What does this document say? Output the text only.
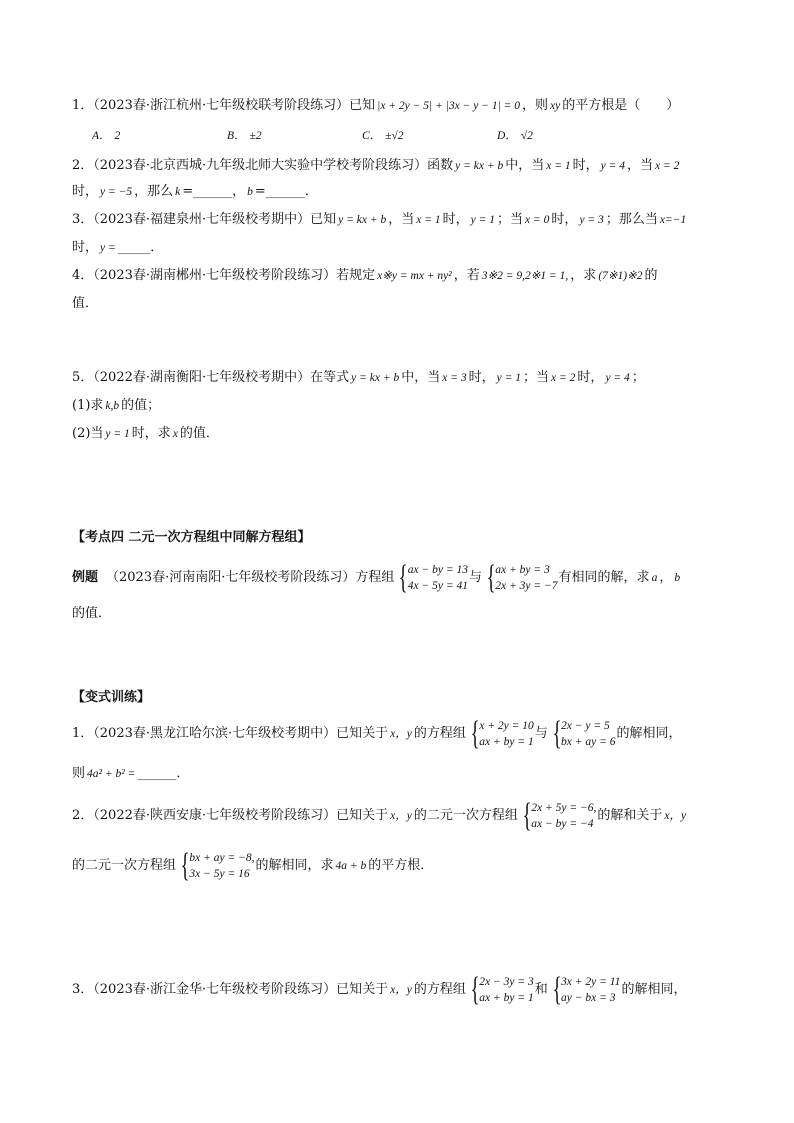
1．（2023春·浙江杭州·七年级校联考阶段练习）已知 |x + 2y − 5| + |3x − y − 1| = 0 ，则 xy 的平方根是（　　）
A． 2	B． ±2	C． ±√2	D． √2
2．（2023春·北京西城·九年级北师大实验中学校考阶段练习）函数 y = kx + b 中，当 x = 1 时， y = 4 ，当 x = 2
时， y = −5 ，那么 k =______， b =______．
3．（2023春·福建泉州·七年级校考期中）已知 y = kx + b ，当 x = 1 时， y = 1 ；当 x = 0 时， y = 3 ；那么当 x=−1
时， y = _____．
4．（2023春·湖南郴州·七年级校考阶段练习）若规定 x※y = mx + ny² ，若 3※2 = 9,2※1 = 1, ，求 (7※1)※2 的
值．
5．（2022春·湖南衡阳·七年级校考期中）在等式 y = kx + b 中，当 x = 3 时， y = 1 ；当 x = 2 时， y = 4 ；
(1)求 k,b 的值；
(2)当 y = 1 时，求 x 的值．
【考点四 二元一次方程组中同解方程组】
例题 （2023春·河南南阳·七年级校考阶段练习）方程组 { ax − by = 13
4x − 5y = 41
与 { ax + by = 3
2x + 3y = −7
有相同的解，求 a ， b
的值．
【变式训练】
1．（2023春·黑龙江哈尔滨·七年级校考期中）已知关于 x，y 的方程组 { x + 2y = 10
ax + by = 1
与 { 2x − y = 5
bx + ay = 6
的解相同，
则 4a² + b² = ______．
2．（2022春·陕西安康·七年级校考阶段练习）已知关于 x，y 的二元一次方程组 { 2x + 5y = −6,
ax − by = −4
的解和关于 x，y
的二元一次方程组 { bx + ay = −8,
3x − 5y = 16
的解相同，求 4a + b 的平方根．
3．（2023春·浙江金华·七年级校考阶段练习）已知关于 x，y 的方程组 { 2x − 3y = 3
ax + by = 1
和 { 3x + 2y = 11
ay − bx = 3
的解相同，
